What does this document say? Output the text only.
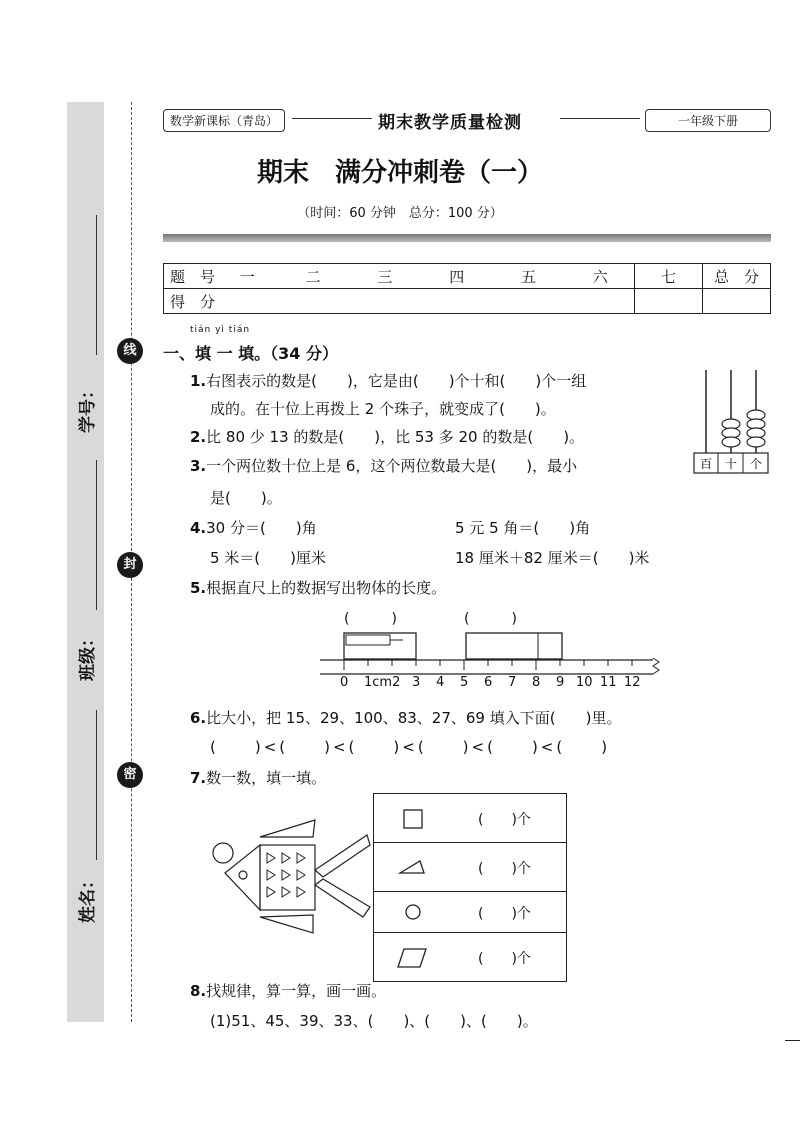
学号：
班级：
姓名：
线
封
密
数学新课标（青岛）	期末教学质量检测	一年级下册
期末　满分冲刺卷（一）
（时间：60 分钟　总分：100 分）
题　号 一 二 三 四 五 六	七	总　分
得　分		
tián yì tián
一、填 一 填。（34 分）
1.右图表示的数是(　　)，它是由(　　)个十和(　　)个一组
成的。在十位上再拨上 2 个珠子，就变成了(　　)。
2.比 80 少 13 的数是(　　)，比 53 多 20 的数是(　　)。
3.一个两位数十位上是 6，这个两位数最大是(　　)，最小
是(　　)。
百 十 个
4.30 分＝(　　)角	5 元 5 角＝(　　)角
5 米＝(　　)厘米	18 厘米＋82 厘米＝(　　)米
5.根据直尺上的数据写出物体的长度。
(　　　)	(　　　)
0 1cm2 3 4 5 6 7 8 9 10 11 12
6.比大小，把 15、29、100、83、27、69 填入下面(　　)里。
(　　)<(　　)<(　　)<(　　)<(　　)<(　　)
7.数一数，填一填。
(　　)个
(　　)个
(　　)个
(　　)个
8.找规律，算一算，画一画。
(1)51、45、39、33、(　　)、(　　)、(　　)。
